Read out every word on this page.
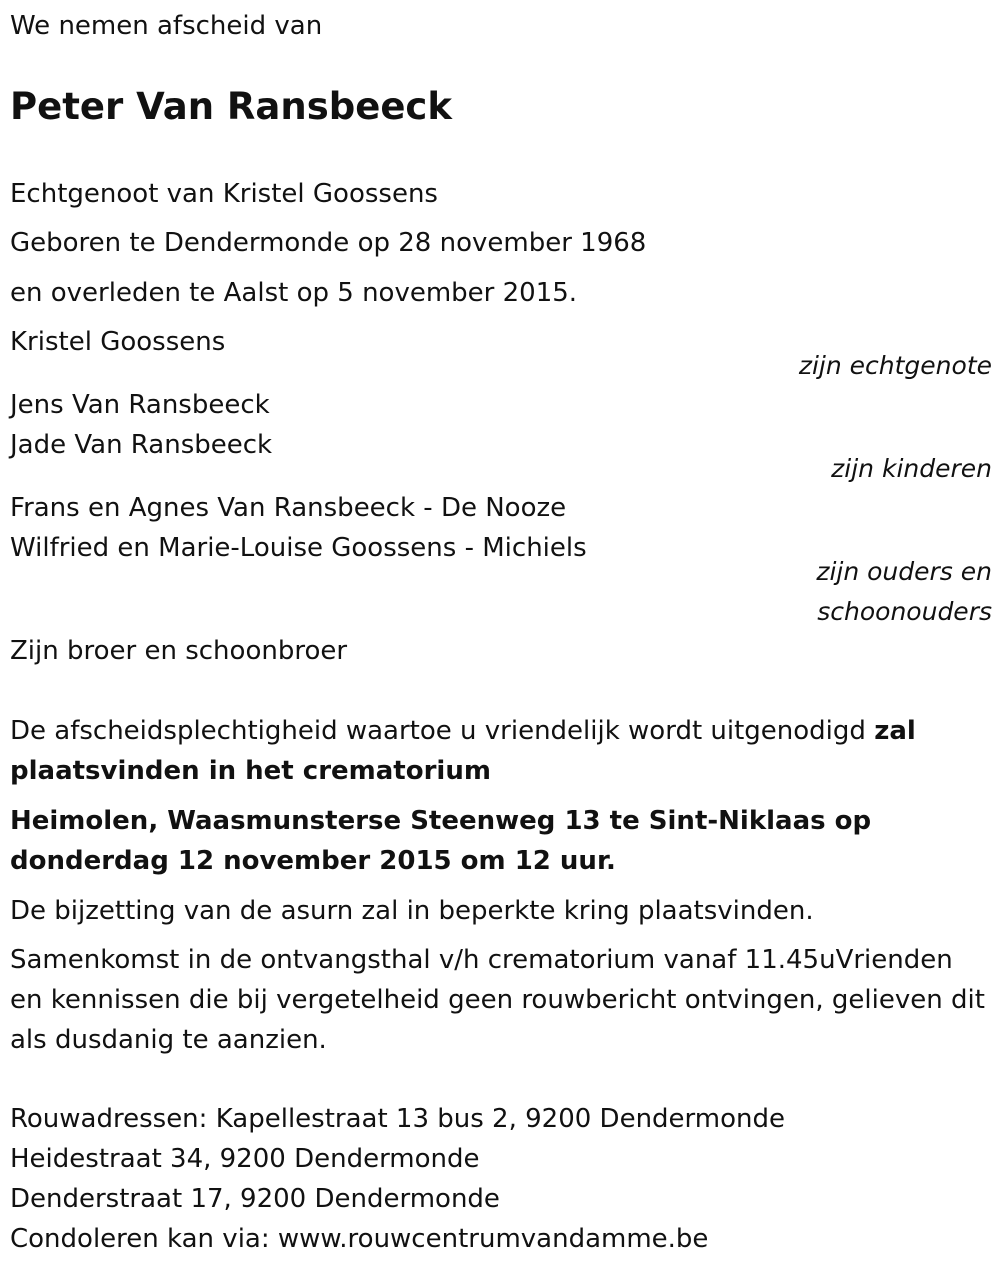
We nemen afscheid van
Peter Van Ransbeeck
Echtgenoot van Kristel Goossens
Geboren te Dendermonde op 28 november 1968
en overleden te Aalst op 5 november 2015.
Kristel Goossens
zijn echtgenote
Jens Van Ransbeeck
Jade Van Ransbeeck
zijn kinderen
Frans en Agnes Van Ransbeeck - De Nooze
Wilfried en Marie-Louise Goossens - Michiels
zijn ouders en
schoonouders
Zijn broer en schoonbroer
De afscheidsplechtigheid waartoe u vriendelijk wordt uitgenodigd zal plaatsvinden in het crematorium
Heimolen, Waasmunsterse Steenweg 13 te Sint-Niklaas op donderdag 12 november 2015 om 12 uur.
De bijzetting van de asurn zal in beperkte kring plaatsvinden.
Samenkomst in de ontvangsthal v/h crematorium vanaf 11.45uVrienden en kennissen die bij vergetelheid geen rouwbericht ontvingen, gelieven dit als dusdanig te aanzien.
Rouwadressen: Kapellestraat 13 bus 2, 9200 Dendermonde
Heidestraat 34, 9200 Dendermonde
Denderstraat 17, 9200 Dendermonde
Condoleren kan via: www.rouwcentrumvandamme.be
